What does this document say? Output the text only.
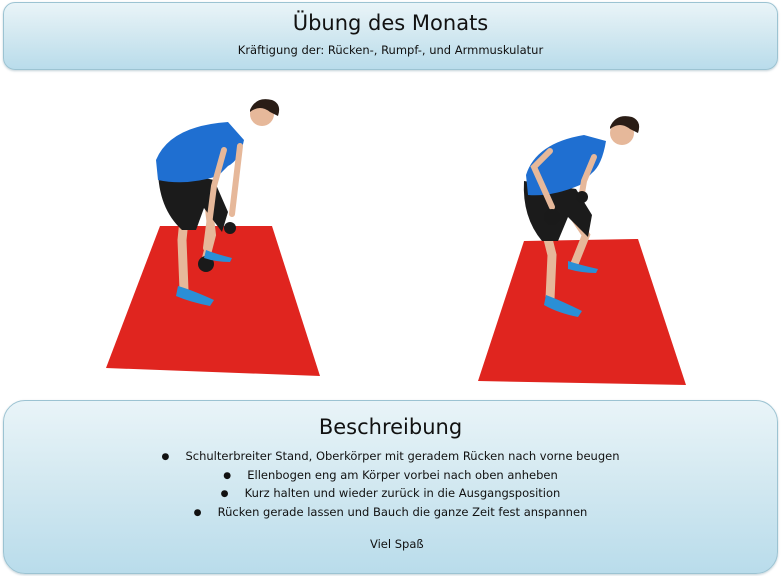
Übung des Monats
Kräftigung der: Rücken-, Rumpf-, und Armmuskulatur
Beschreibung
● Schulterbreiter Stand, Oberkörper mit geradem Rücken nach vorne beugen
● Ellenbogen eng am Körper vorbei nach oben anheben
● Kurz halten und wieder zurück in die Ausgangsposition
● Rücken gerade lassen und Bauch die ganze Zeit fest anspannen
Viel Spaß
